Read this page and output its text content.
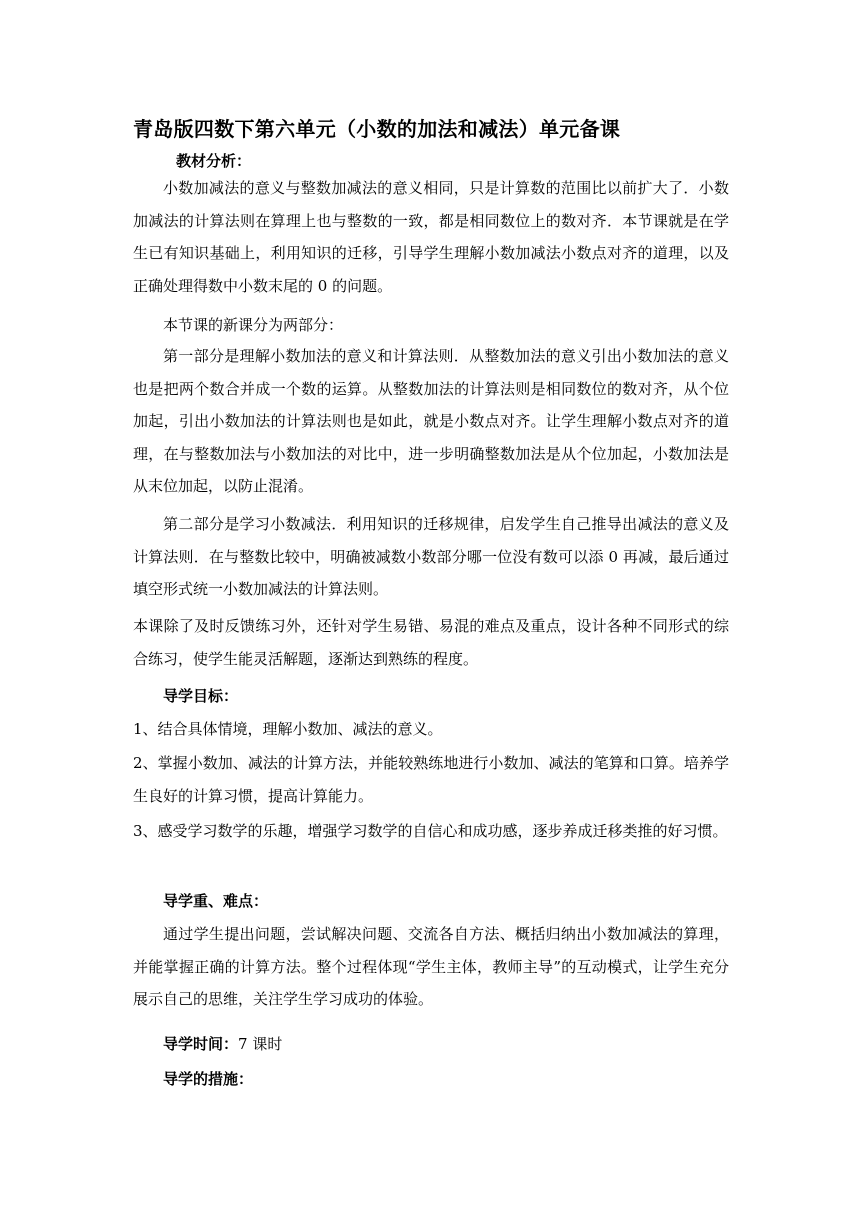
青岛版四数下第六单元（小数的加法和减法）单元备课
教材分析：
小数加减法的意义与整数加减法的意义相同，只是计算数的范围比以前扩大了．小数加减法的计算法则在算理上也与整数的一致，都是相同数位上的数对齐．本节课就是在学生已有知识基础上，利用知识的迁移，引导学生理解小数加减法小数点对齐的道理，以及正确处理得数中小数末尾的 0 的问题。
本节课的新课分为两部分：
第一部分是理解小数加法的意义和计算法则．从整数加法的意义引出小数加法的意义也是把两个数合并成一个数的运算。从整数加法的计算法则是相同数位的数对齐，从个位加起，引出小数加法的计算法则也是如此，就是小数点对齐。让学生理解小数点对齐的道理，在与整数加法与小数加法的对比中，进一步明确整数加法是从个位加起，小数加法是从末位加起，以防止混淆。
第二部分是学习小数减法．利用知识的迁移规律，启发学生自己推导出减法的意义及计算法则．在与整数比较中，明确被减数小数部分哪一位没有数可以添 0 再减，最后通过填空形式统一小数加减法的计算法则。
本课除了及时反馈练习外，还针对学生易错、易混的难点及重点，设计各种不同形式的综合练习，使学生能灵活解题，逐渐达到熟练的程度。
导学目标：
1、结合具体情境，理解小数加、减法的意义。
2、掌握小数加、减法的计算方法，并能较熟练地进行小数加、减法的笔算和口算。培养学生良好的计算习惯，提高计算能力。
3、感受学习数学的乐趣，增强学习数学的自信心和成功感，逐步养成迁移类推的好习惯。
导学重、难点：
通过学生提出问题，尝试解决问题、交流各自方法、概括归纳出小数加减法的算理，并能掌握正确的计算方法。整个过程体现“学生主体，教师主导”的互动模式，让学生充分展示自己的思维，关注学生学习成功的体验。
导学时间：7 课时
导学的措施：
